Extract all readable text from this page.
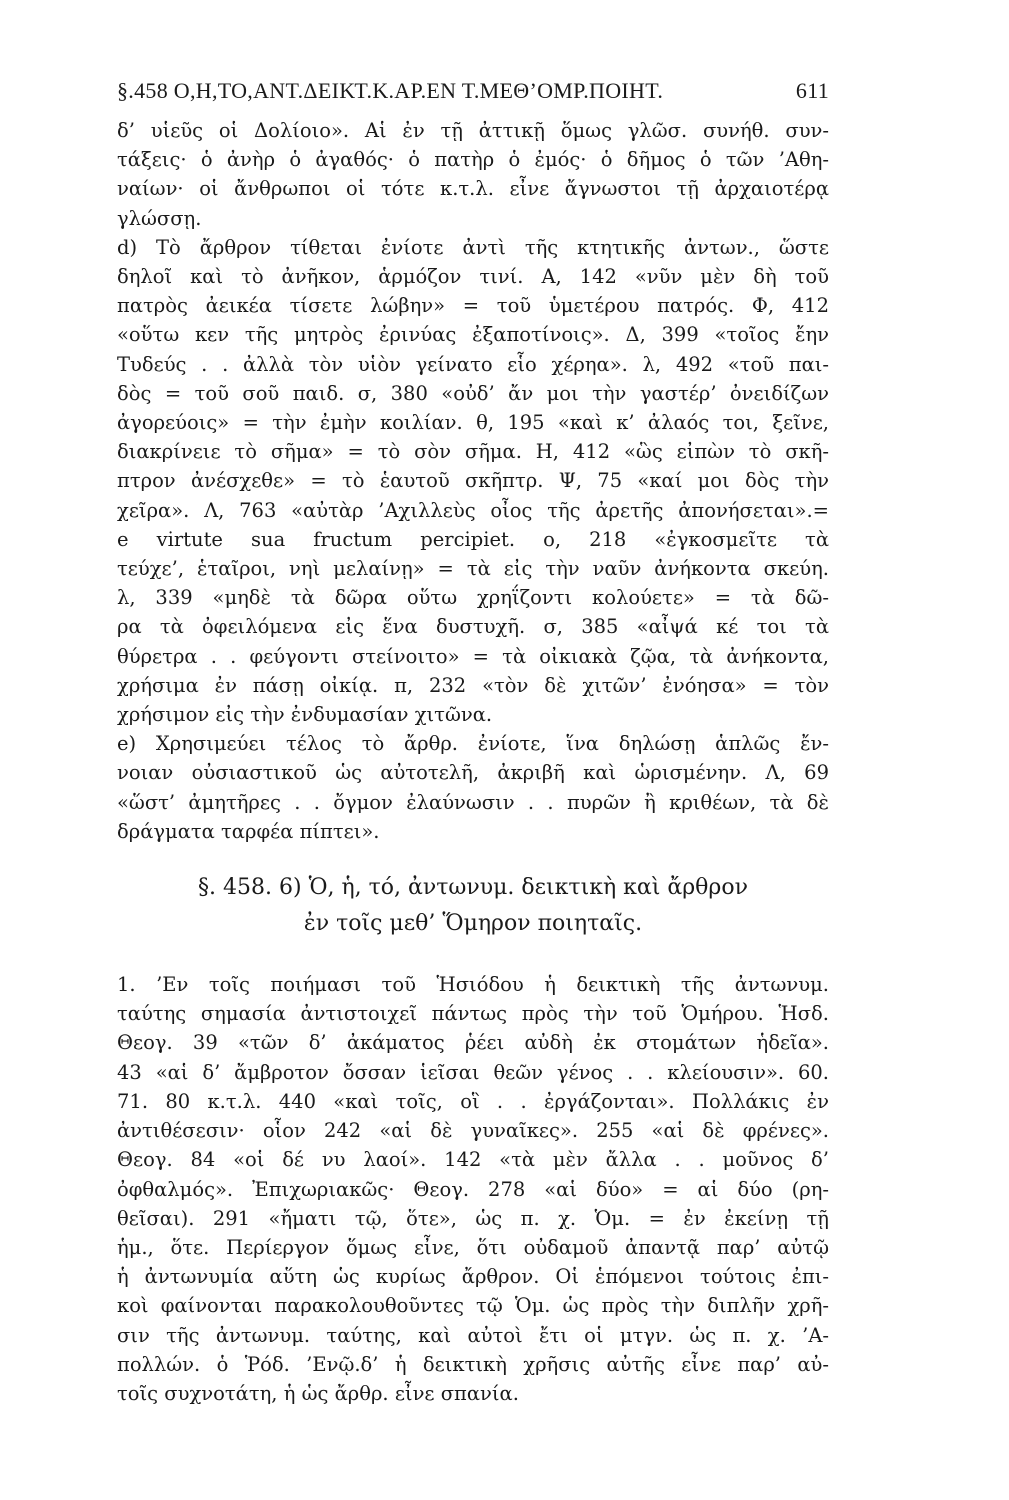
§.458 Ο,Η,ΤΟ,ΑΝΤ.ΔΕΙΚΤ.Κ.ΑΡ.ΕΝ Τ.ΜΕΘ’ΟΜΡ.ΠΟΙΗΤ.	611
δ’ υἱεῦς οἱ Δολίοιο». Αἱ ἐν τῇ ἀττικῇ ὅμως γλῶσ. συνήθ. συν-
τάξεις· ὁ ἀνὴρ ὁ ἀγαθός· ὁ πατὴρ ὁ ἐμός· ὁ δῆμος ὁ τῶν ’Αθη-
ναίων· οἱ ἄνθρωποι οἱ τότε κ.τ.λ. εἶνε ἄγνωστοι τῇ ἀρχαιοτέρᾳ
γλώσσῃ.
d) Τὸ ἄρθρον τίθεται ἐνίοτε ἀντὶ τῆς κτητικῆς ἀντων., ὥστε
δηλοῖ καὶ τὸ ἀνῆκον, ἁρμόζον τινί. Α, 142 «νῦν μὲν δὴ τοῦ
πατρὸς ἀεικέα τίσετε λώβην» = τοῦ ὑμετέρου πατρός. Φ, 412
«οὕτω κεν τῆς μητρὸς ἐρινύας ἐξαποτίνοις». Δ, 399 «τοῖος ἔην
Τυδεύς . . ἀλλὰ τὸν υἱὸν γείνατο εἷο χέρηα». λ, 492 «τοῦ παι-
δὸς = τοῦ σοῦ παιδ. σ, 380 «οὐδ’ ἄν μοι τὴν γαστέρ’ ὀνειδίζων
ἀγορεύοις» = τὴν ἐμὴν κοιλίαν. θ, 195 «καὶ κ’ ἀλαός τοι, ξεῖνε,
διακρίνειε τὸ σῆμα» = τὸ σὸν σῆμα. Η, 412 «ὣς εἰπὼν τὸ σκῆ-
πτρον ἀνέσχεθε» = τὸ ἑαυτοῦ σκῆπτρ. Ψ, 75 «καί μοι δὸς τὴν
χεῖρα». Λ, 763 «αὐτὰρ ’Αχιλλεὺς οἶος τῆς ἀρετῆς ἀπονήσεται».=
e virtute sua fructum percipiet. ο, 218 «ἐγκοσμεῖτε τὰ
τεύχε’, ἑταῖροι, νηὶ μελαίνῃ» = τὰ εἰς τὴν ναῦν ἀνήκοντα σκεύη.
λ, 339 «μηδὲ τὰ δῶρα οὕτω χρηΐζοντι κολούετε» = τὰ δῶ-
ρα τὰ ὀφειλόμενα εἰς ἕνα δυστυχῆ. σ, 385 «αἶψά κέ τοι τὰ
θύρετρα . . φεύγοντι στείνοιτο» = τὰ οἰκιακὰ ζῷα, τὰ ἀνήκοντα,
χρήσιμα ἐν πάσῃ οἰκίᾳ. π, 232 «τὸν δὲ χιτῶν’ ἐνόησα» = τὸν
χρήσιμον εἰς τὴν ἐνδυμασίαν χιτῶνα.
e) Χρησιμεύει τέλος τὸ ἄρθρ. ἐνίοτε, ἵνα δηλώσῃ ἁπλῶς ἔν-
νοιαν οὐσιαστικοῦ ὡς αὐτοτελῆ, ἀκριβῆ καὶ ὡρισμένην. Λ, 69
«ὥστ’ ἀμητῆρες . . ὄγμον ἐλαύνωσιν . . πυρῶν ἢ κριθέων, τὰ δὲ
δράγματα ταρφέα πίπτει».
§. 458. 6) Ὁ, ἡ, τό, ἀντωνυμ. δεικτικὴ καὶ ἄρθρον
ἐν τοῖς μεθ’ Ὅμηρον ποιηταῖς.
1. ’Εν τοῖς ποιήμασι τοῦ Ἡσιόδου ἡ δεικτικὴ τῆς ἀντωνυμ.
ταύτης σημασία ἀντιστοιχεῖ πάντως πρὸς τὴν τοῦ Ὁμήρου. Ἡσδ.
Θεογ. 39 «τῶν δ’ ἀκάματος ῥέει αὐδὴ ἐκ στομάτων ἡδεῖα».
43 «αἱ δ’ ἄμβροτον ὄσσαν ἱεῖσαι θεῶν γένος . . κλείουσιν». 60.
71. 80 κ.τ.λ. 440 «καὶ τοῖς, οἳ . . ἐργάζονται». Πολλάκις ἐν
ἀντιθέσεσιν· οἷον 242 «αἱ δὲ γυναῖκες». 255 «αἱ δὲ φρένες».
Θεογ. 84 «οἱ δέ νυ λαοί». 142 «τὰ μὲν ἄλλα . . μοῦνος δ’
ὀφθαλμός». Ἐπιχωριακῶς· Θεογ. 278 «αἱ δύο» = αἱ δύο (ρη-
θεῖσαι). 291 «ἤματι τῷ, ὅτε», ὡς π. χ. Ὁμ. = ἐν ἐκείνῃ τῇ
ἡμ., ὅτε. Περίεργον ὅμως εἶνε, ὅτι οὐδαμοῦ ἀπαντᾷ παρ’ αὐτῷ
ἡ ἀντωνυμία αὕτη ὡς κυρίως ἄρθρον. Οἱ ἑπόμενοι τούτοις ἐπι-
κοὶ φαίνονται παρακολουθοῦντες τῷ Ὁμ. ὡς πρὸς τὴν διπλῆν χρῆ-
σιν τῆς ἀντωνυμ. ταύτης, καὶ αὐτοὶ ἔτι οἱ μτγν. ὡς π. χ. ’Α-
πολλών. ὁ Ῥόδ. ’Ενῷ.δ’ ἡ δεικτικὴ χρῆσις αὐτῆς εἶνε παρ’ αὐ-
τοῖς συχνοτάτη, ἡ ὡς ἄρθρ. εἶνε σπανία.
